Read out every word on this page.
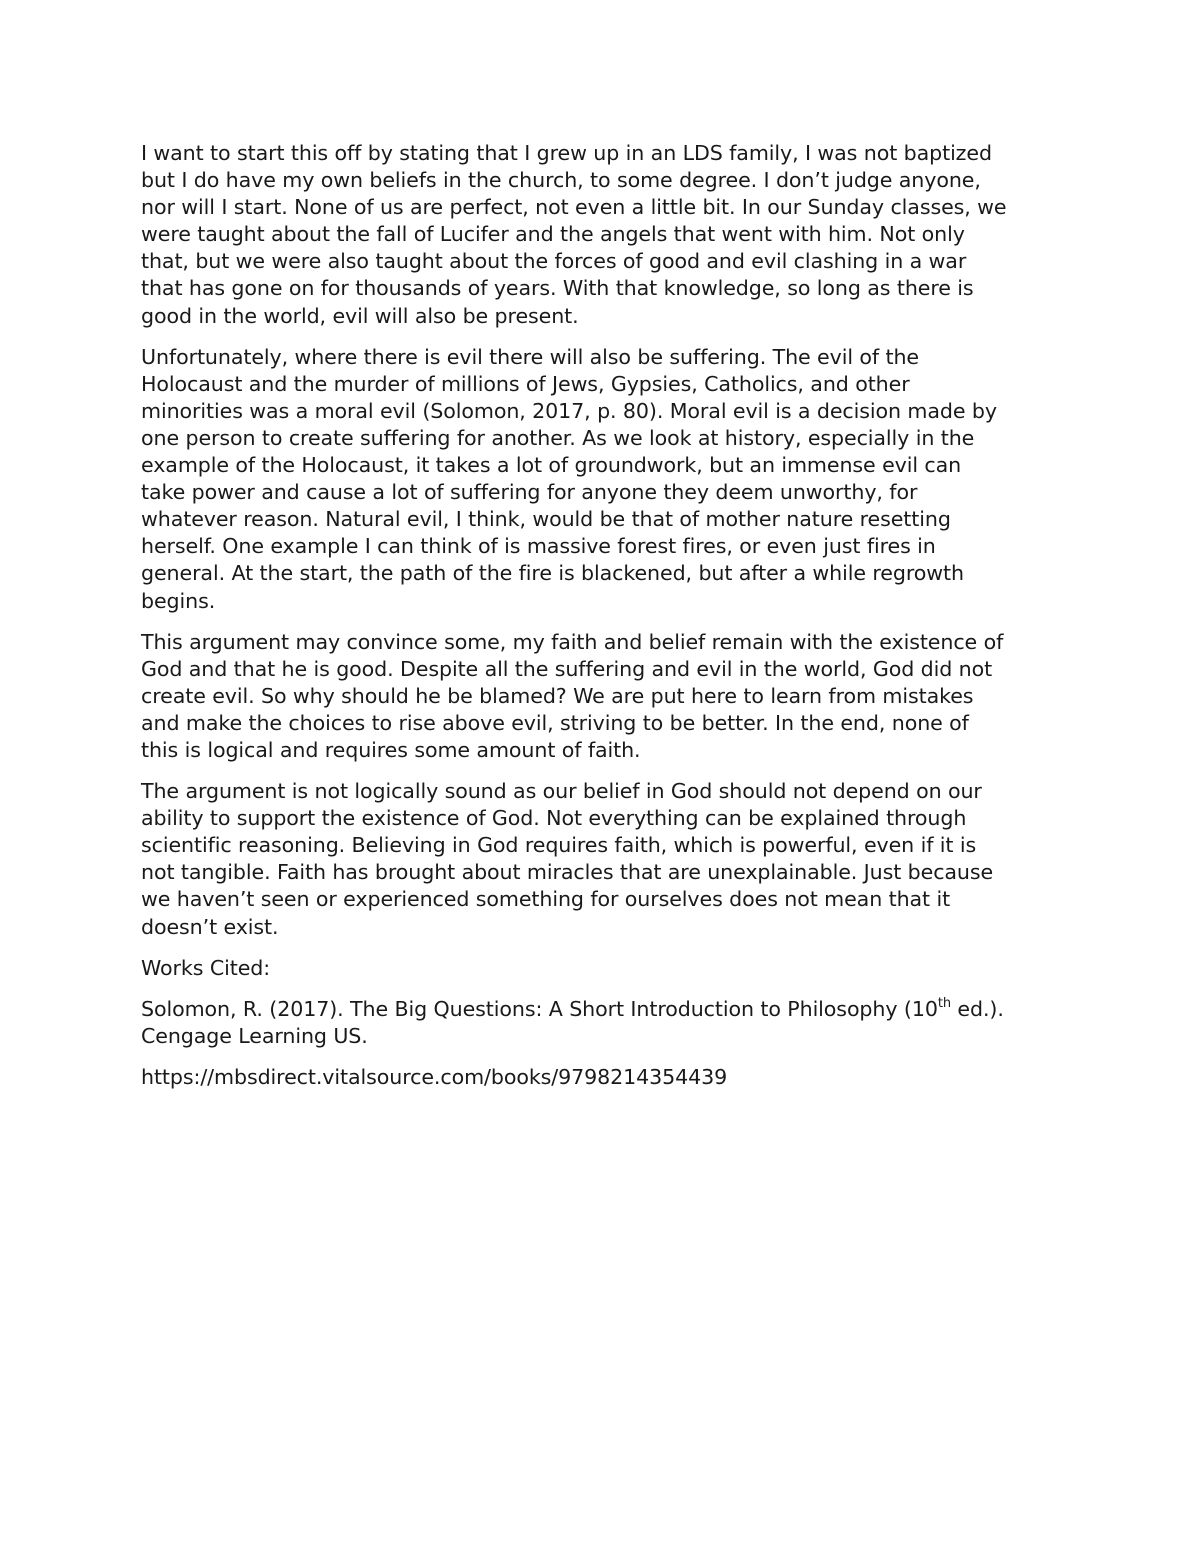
I want to start this off by stating that I grew up in an LDS family, I was not baptized
but I do have my own beliefs in the church, to some degree. I don’t judge anyone,
nor will I start. None of us are perfect, not even a little bit. In our Sunday classes, we
were taught about the fall of Lucifer and the angels that went with him. Not only
that, but we were also taught about the forces of good and evil clashing in a war
that has gone on for thousands of years. With that knowledge, so long as there is
good in the world, evil will also be present.

Unfortunately, where there is evil there will also be suffering. The evil of the
Holocaust and the murder of millions of Jews, Gypsies, Catholics, and other
minorities was a moral evil (Solomon, 2017, p. 80). Moral evil is a decision made by
one person to create suffering for another. As we look at history, especially in the
example of the Holocaust, it takes a lot of groundwork, but an immense evil can
take power and cause a lot of suffering for anyone they deem unworthy, for
whatever reason. Natural evil, I think, would be that of mother nature resetting
herself. One example I can think of is massive forest fires, or even just fires in
general. At the start, the path of the fire is blackened, but after a while regrowth
begins.

This argument may convince some, my faith and belief remain with the existence of
God and that he is good. Despite all the suffering and evil in the world, God did not
create evil. So why should he be blamed? We are put here to learn from mistakes
and make the choices to rise above evil, striving to be better. In the end, none of
this is logical and requires some amount of faith.

The argument is not logically sound as our belief in God should not depend on our
ability to support the existence of God. Not everything can be explained through
scientific reasoning. Believing in God requires faith, which is powerful, even if it is
not tangible. Faith has brought about miracles that are unexplainable. Just because
we haven’t seen or experienced something for ourselves does not mean that it
doesn’t exist.

Works Cited:

Solomon, R. (2017). The Big Questions: A Short Introduction to Philosophy (10th ed.).
Cengage Learning US.

https://mbsdirect.vitalsource.com/books/9798214354439
